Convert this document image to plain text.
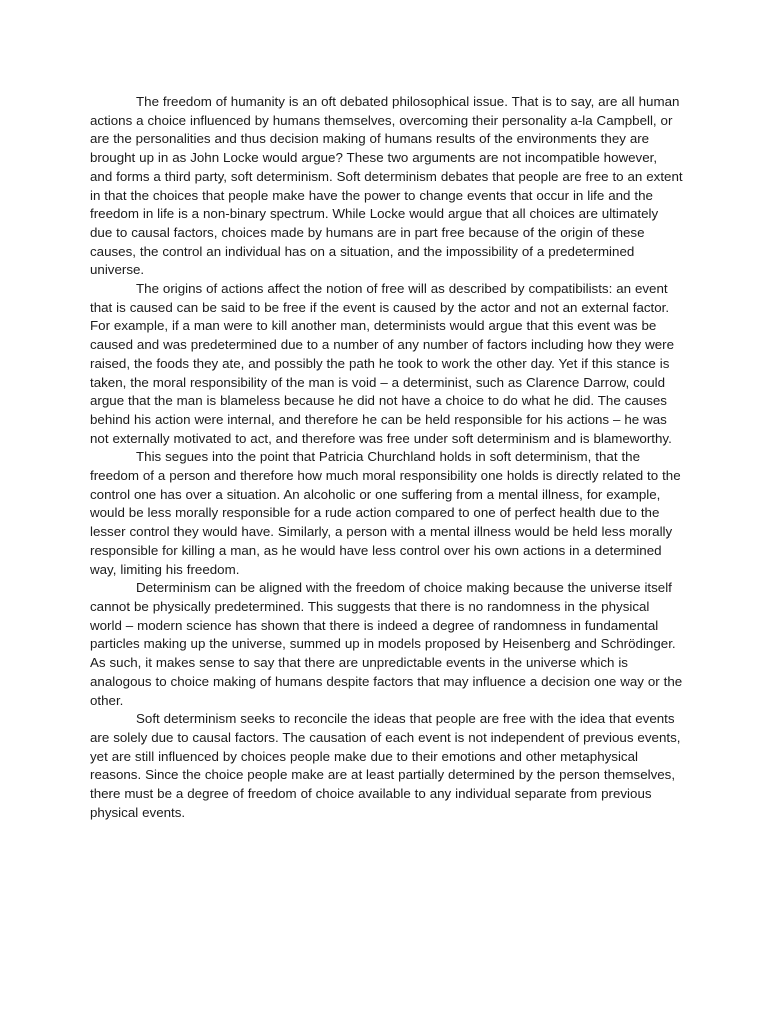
The freedom of humanity is an oft debated philosophical issue. That is to say, are all human actions a choice influenced by humans themselves, overcoming their personality a-la Campbell, or are the personalities and thus decision making of humans results of the environments they are brought up in as John Locke would argue? These two arguments are not incompatible however, and forms a third party, soft determinism. Soft determinism debates that people are free to an extent in that the choices that people make have the power to change events that occur in life and the freedom in life is a non-binary spectrum. While Locke would argue that all choices are ultimately due to causal factors, choices made by humans are in part free because of the origin of these causes, the control an individual has on a situation, and the impossibility of a predetermined universe.

The origins of actions affect the notion of free will as described by compatibilists: an event that is caused can be said to be free if the event is caused by the actor and not an external factor. For example, if a man were to kill another man, determinists would argue that this event was be caused and was predetermined due to a number of any number of factors including how they were raised, the foods they ate, and possibly the path he took to work the other day. Yet if this stance is taken, the moral responsibility of the man is void – a determinist, such as Clarence Darrow, could argue that the man is blameless because he did not have a choice to do what he did. The causes behind his action were internal, and therefore he can be held responsible for his actions – he was not externally motivated to act, and therefore was free under soft determinism and is blameworthy.

This segues into the point that Patricia Churchland holds in soft determinism, that the freedom of a person and therefore how much moral responsibility one holds is directly related to the control one has over a situation. An alcoholic or one suffering from a mental illness, for example, would be less morally responsible for a rude action compared to one of perfect health due to the lesser control they would have. Similarly, a person with a mental illness would be held less morally responsible for killing a man, as he would have less control over his own actions in a determined way, limiting his freedom.

Determinism can be aligned with the freedom of choice making because the universe itself cannot be physically predetermined. This suggests that there is no randomness in the physical world – modern science has shown that there is indeed a degree of randomness in fundamental particles making up the universe, summed up in models proposed by Heisenberg and Schrödinger. As such, it makes sense to say that there are unpredictable events in the universe which is analogous to choice making of humans despite factors that may influence a decision one way or the other.

Soft determinism seeks to reconcile the ideas that people are free with the idea that events are solely due to causal factors. The causation of each event is not independent of previous events, yet are still influenced by choices people make due to their emotions and other metaphysical reasons. Since the choice people make are at least partially determined by the person themselves, there must be a degree of freedom of choice available to any individual separate from previous physical events.
